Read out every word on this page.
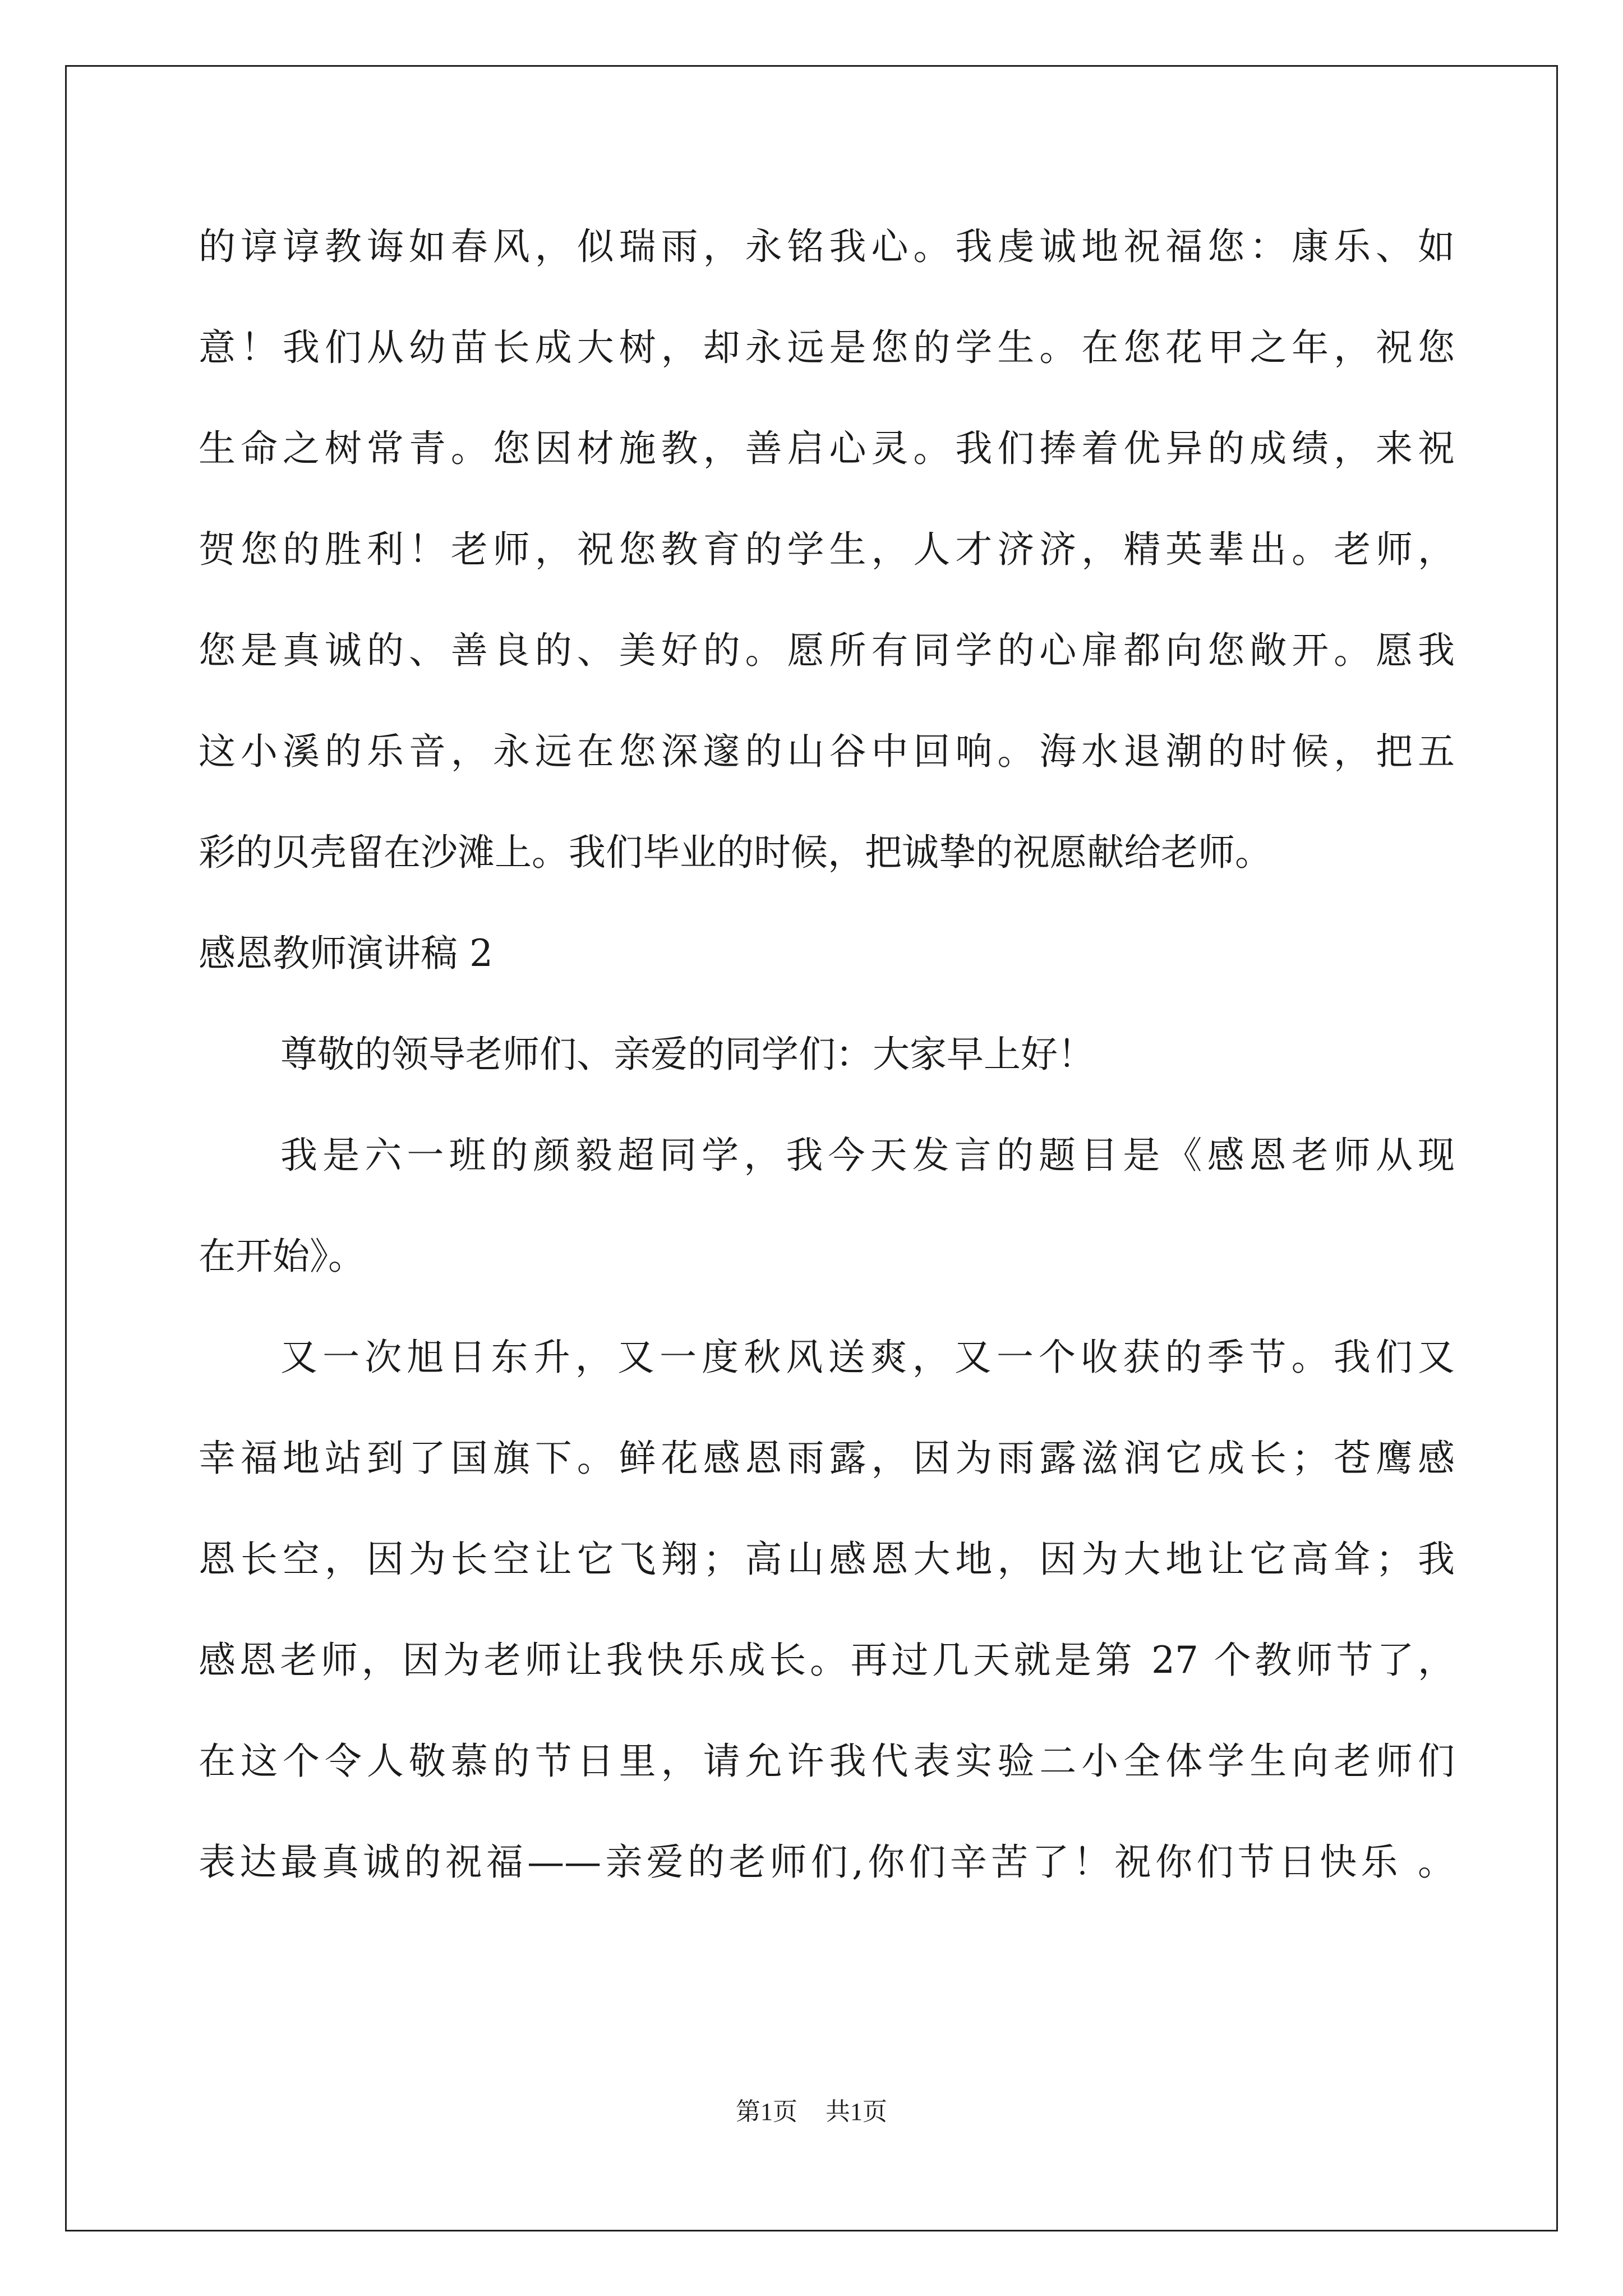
的谆谆教诲如春风，似瑞雨，永铭我心。我虔诚地祝福您：康乐、如
意！我们从幼苗长成大树，却永远是您的学生。在您花甲之年，祝您
生命之树常青。您因材施教，善启心灵。我们捧着优异的成绩，来祝
贺您的胜利！老师，祝您教育的学生，人才济济，精英辈出。老师，
您是真诚的、善良的、美好的。愿所有同学的心扉都向您敞开。愿我
这小溪的乐音，永远在您深邃的山谷中回响。海水退潮的时候，把五
彩的贝壳留在沙滩上。我们毕业的时候，把诚挚的祝愿献给老师。
感恩教师演讲稿 2
尊敬的领导老师们、亲爱的同学们：大家早上好！
我是六一班的颜毅超同学，我今天发言的题目是《感恩老师从现
在开始》。
又一次旭日东升，又一度秋风送爽，又一个收获的季节。我们又
幸福地站到了国旗下。鲜花感恩雨露，因为雨露滋润它成长；苍鹰感
恩长空，因为长空让它飞翔；高山感恩大地，因为大地让它高耸；我
感恩老师，因为老师让我快乐成长。再过几天就是第 27 个教师节了，
在这个令人敬慕的节日里，请允许我代表实验二小全体学生向老师们
表达最真诚的祝福——亲爱的老师们,你们辛苦了！祝你们节日快乐 。
第1页 共1页
